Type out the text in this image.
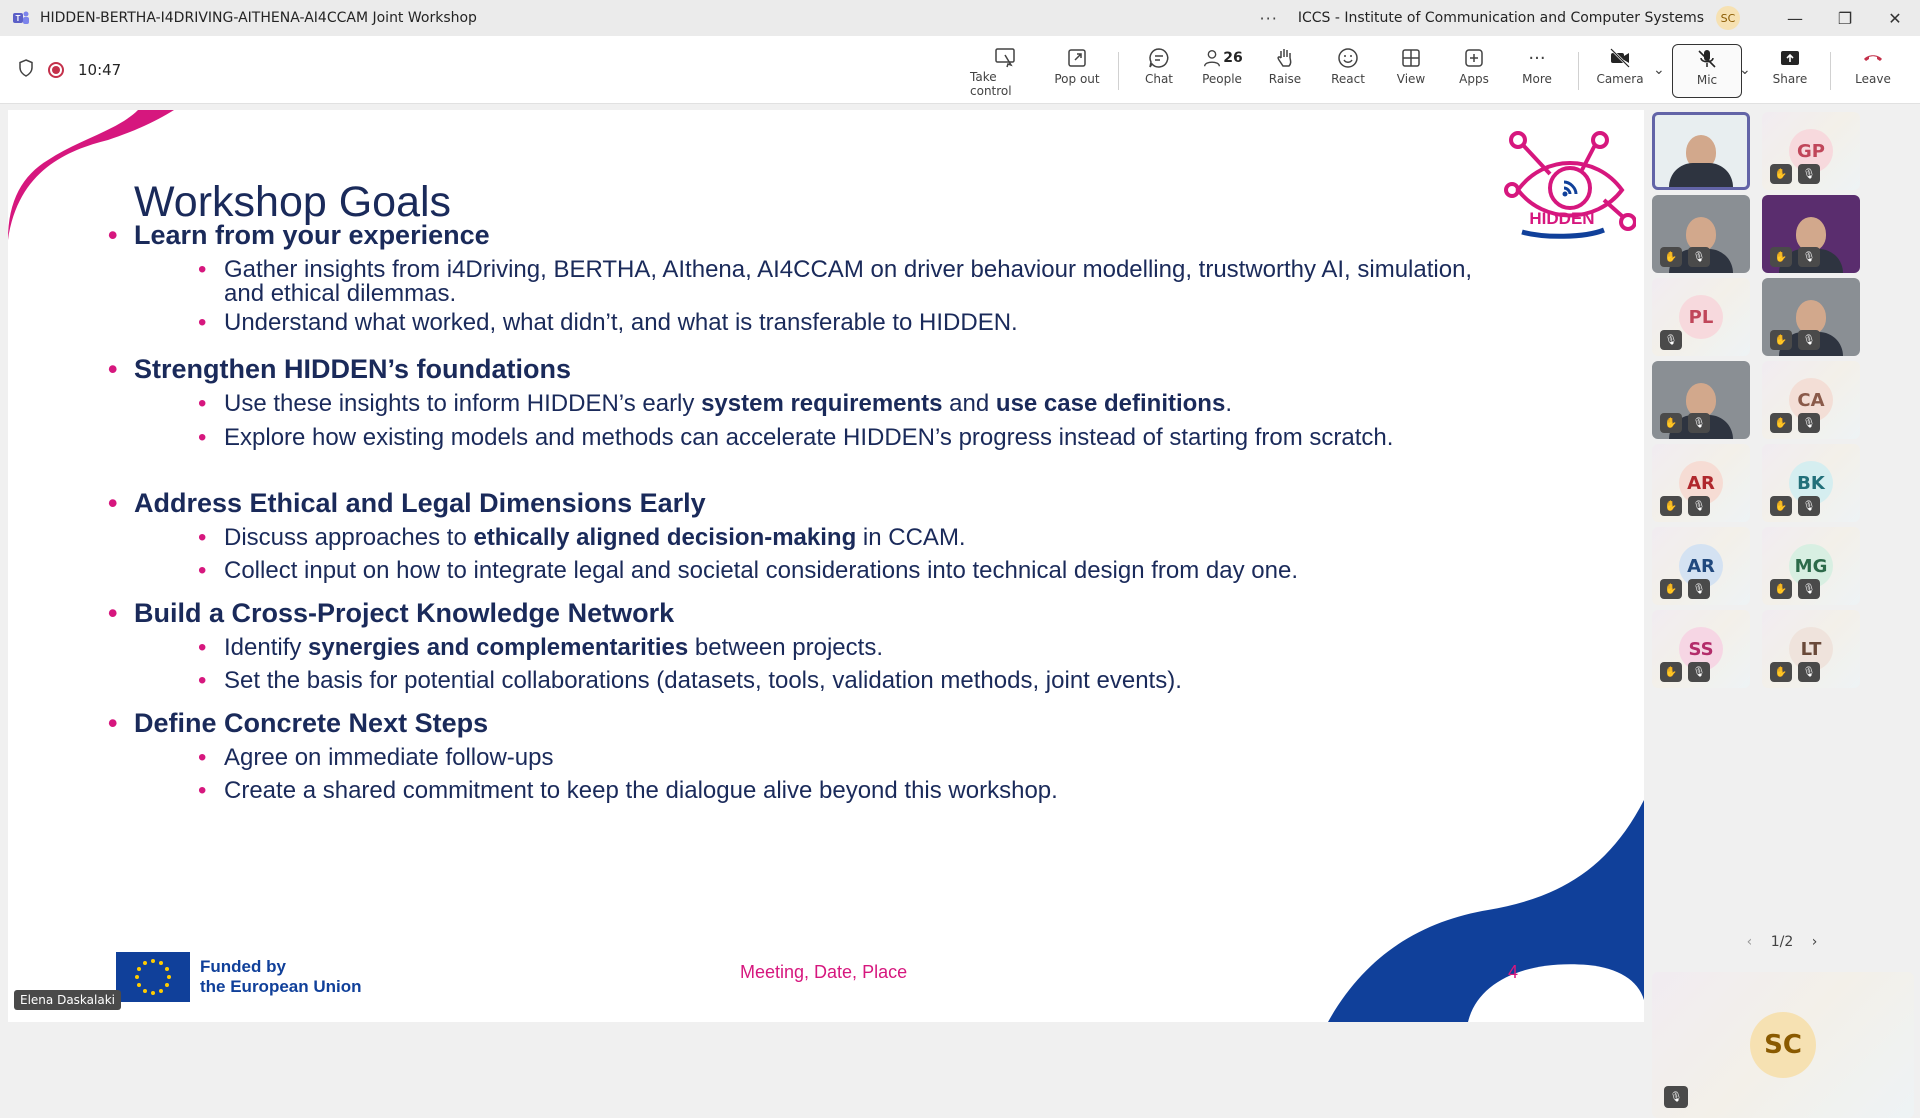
T HIDDEN-BERTHA-I4DRIVING-AITHENA-AI4CCAM Joint Workshop	··· ICCS - Institute of Communication and Computer Systems	SC	—	❐	✕
10:47	Take control
Pop out	Chat
26
People Raise React	View	Apps
···
More	Camera
⌄
Mic
⌄
Share	Leave
Workshop Goals	HIDDEN
• Learn from your experience
• Gather insights from i4Driving, BERTHA, AIthena, AI4CCAM on driver behaviour modelling, trustworthy AI, simulation, and ethical dilemmas.
• Understand what worked, what didn’t, and what is transferable to HIDDEN.
• Strengthen HIDDEN’s foundations
• Use these insights to inform HIDDEN’s early system requirements and use case definitions.
• Explore how existing models and methods can accelerate HIDDEN’s progress instead of starting from scratch.
• Address Ethical and Legal Dimensions Early
• Discuss approaches to ethically aligned decision-making in CCAM.
• Collect input on how to integrate legal and societal considerations into technical design from day one.
• Build a Cross-Project Knowledge Network
• Identify synergies and complementarities between projects.
• Set the basis for potential collaborations (datasets, tools, validation methods, joint events).
• Define Concrete Next Steps
• Agree on immediate follow-ups
• Create a shared commitment to keep the dialogue alive beyond this workshop.
Funded by
the European Union
Meeting, Date, Place	4
Elena Daskalaki
GP
✋	🎙
✋	🎙	✋	🎙
PL
🎙	✋	🎙
✋	🎙
CA
✋	🎙
AR
✋	🎙
BK
✋	🎙
AR
✋	🎙
MG
✋	🎙
SS
✋	🎙
LT
✋	🎙
‹ 1/2 ›
SC
🎙
